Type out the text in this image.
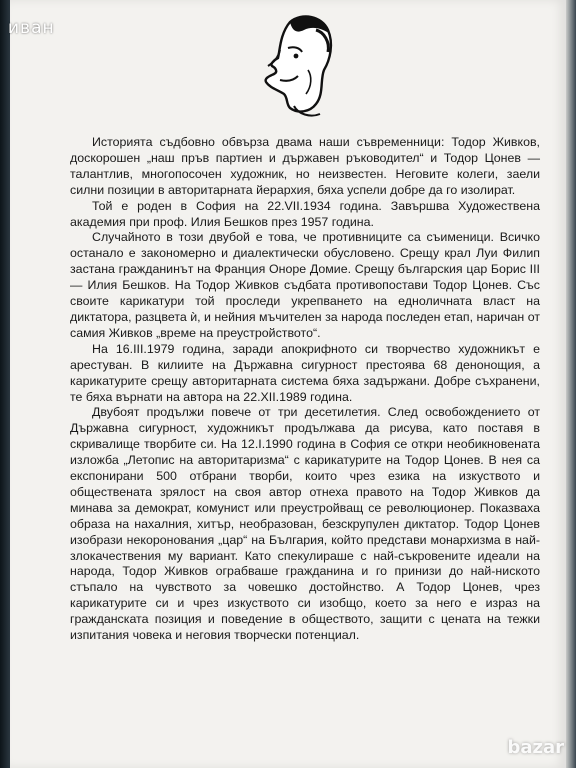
Историята съдбовно обвърза двама наши съвременници: Тодор Живков, доскорошен „наш пръв партиен и държавен ръководител“ и Тодор Цонев — талантлив, многопосочен художник, но неизвестен. Неговите колеги, заели силни позиции в авторитарната йерархия, бяха успели добре да го изолират.

Той е роден в София на 22.VII.1934 година. Завършва Художествена академия при проф. Илия Бешков през 1957 година.

Случайното в този двубой е това, че противниците са съименици. Всичко останало е закономерно и диалектически обусловено. Срещу крал Луи Филип застана гражданинът на Франция Оноре Домие. Срещу българския цар Борис III — Илия Бешков. На Тодор Живков съдбата противопостави Тодор Цонев. Със своите карикатури той проследи укрепването на едноличната власт на диктатора, разцвета ѝ, и нейния мъчителен за народа последен етап, наричан от самия Живков „време на преустройството“.

На 16.III.1979 година, заради апокрифното си творчество художникът е арестуван. В килиите на Държавна сигурност престоява 68 денонощия, а карикатурите срещу авторитарната система бяха задържани. Добре съхранени, те бяха върнати на автора на 22.XII.1989 година.

Двубоят продължи повече от три десетилетия. След освобождението от Държавна сигурност, художникът продължава да рисува, като поставя в скривалище творбите си. На 12.I.1990 година в София се откри необикновената изложба „Летопис на авторитаризма“ с карикатурите на Тодор Цонев. В нея са експонирани 500 отбрани творби, които чрез езика на изкуството и обществената зрялост на своя автор отнеха правото на Тодор Живков да минава за демократ, комунист или преустройващ се революционер. Показваха образа на нахалния, хитър, необразован, безскрупулен диктатор. Тодор Цонев изобрази некоронования „цар“ на България, който представи монархизма в най-злокачествения му вариант. Като спекулираше с най-съкровените идеали на народа, Тодор Живков ограбваше гражданина и го принизи до най-ниското стъпало на чувството за човешко достойнство. А Тодор Цонев, чрез карикатурите си и чрез изкуството си изобщо, което за него е израз на гражданската позиция и поведение в обществото, защити с цената на тежки изпитания човека и неговия творчески потенциал.

иван
bazar
